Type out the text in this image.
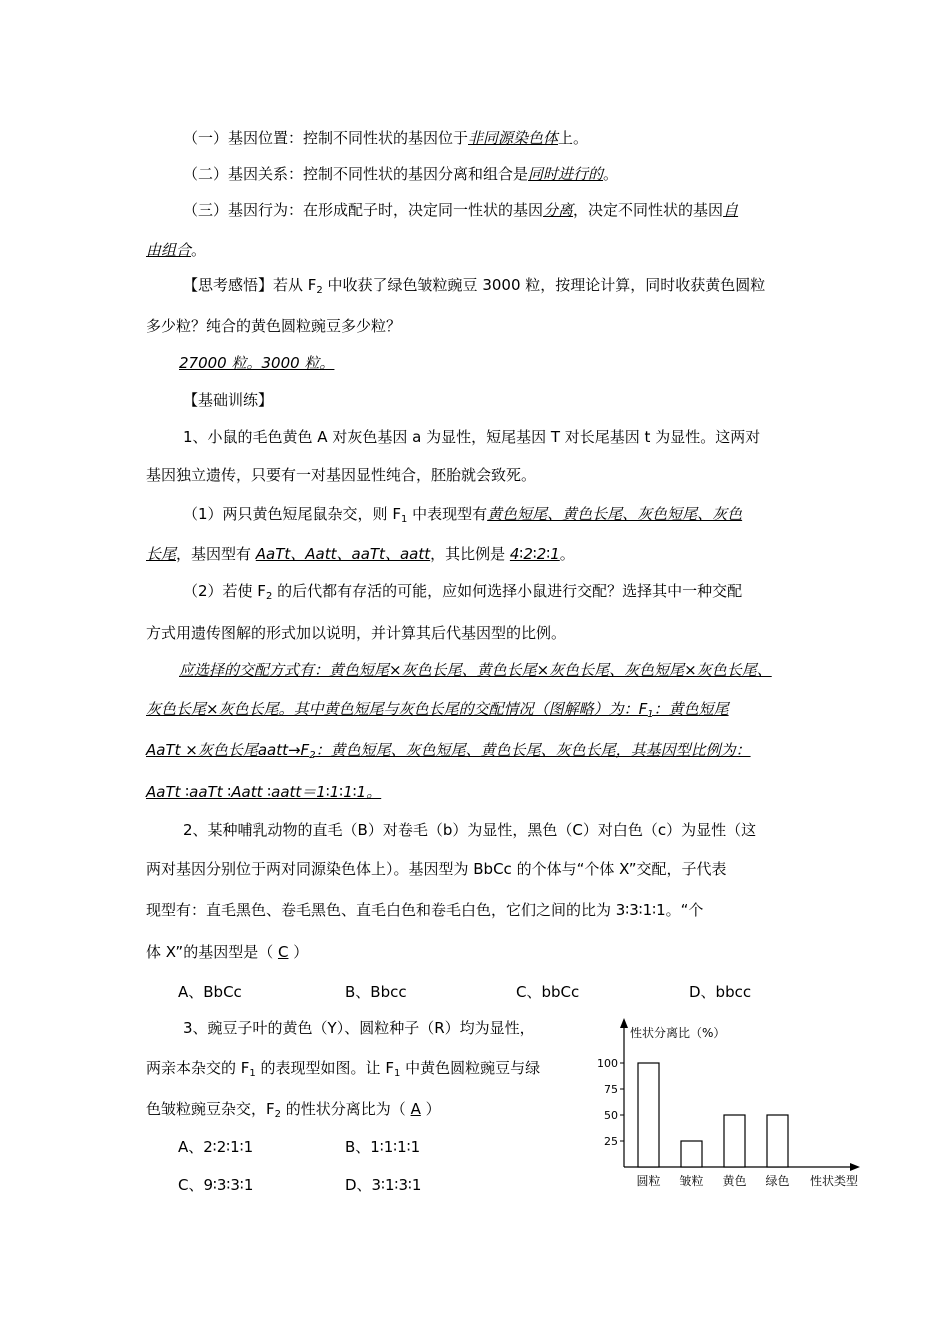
（一）基因位置：控制不同性状的基因位于非同源染色体上。
（二）基因关系：控制不同性状的基因分离和组合是同时进行的。
（三）基因行为：在形成配子时，决定同一性状的基因分离，决定不同性状的基因自
由组合。
【思考感悟】若从 $F_2$ 中收获了绿色皱粒豌豆 3000 粒，按理论计算，同时收获黄色圆粒
多少粒？纯合的黄色圆粒豌豆多少粒？
27000 粒。3000 粒。
【基础训练】
1、小鼠的毛色黄色 A 对灰色基因 a 为显性，短尾基因 T 对长尾基因 t 为显性。这两对
基因独立遗传，只要有一对基因显性纯合，胚胎就会致死。
（1）两只黄色短尾鼠杂交，则 $F_1$ 中表现型有黄色短尾、黄色长尾、灰色短尾、灰色
长尾，基因型有 AaTt、Aatt、aaTt、aatt，其比例是 4∶2∶2∶1。
（2）若使 $F_2$ 的后代都有存活的可能，应如何选择小鼠进行交配？选择其中一种交配
方式用遗传图解的形式加以说明，并计算其后代基因型的比例。
应选择的交配方式有：黄色短尾×灰色长尾、黄色长尾×灰色长尾、灰色短尾×灰色长尾、
灰色长尾×灰色长尾。其中黄色短尾与灰色长尾的交配情况（图解略）为：$F_1$：黄色短尾
AaTt ×灰色长尾$aatt\to F_2$：黄色短尾、灰色短尾、黄色长尾、灰色长尾，其基因型比例为：
AaTt ∶aaTt ∶Aatt ∶aatt＝1∶1∶1∶1。
2、某种哺乳动物的直毛（B）对卷毛（b）为显性，黑色（C）对白色（c）为显性（这
两对基因分别位于两对同源染色体上）。基因型为 BbCc 的个体与“个体 X”交配，子代表
现型有：直毛黑色、卷毛黑色、直毛白色和卷毛白色，它们之间的比为 3∶3∶1∶1。“个
体 X”的基因型是（ C ）
A、BbCc	B、Bbcc	C、bbCc	D、bbcc
3、豌豆子叶的黄色（Y）、圆粒种子（R）均为显性，
两亲本杂交的 $F_1$ 的表现型如图。让 $F_1$ 中黄色圆粒豌豆与绿
色皱粒豌豆杂交，$F_2$ 的性状分离比为（ A ）
A、2∶2∶1∶1	B、1∶1∶1∶1
C、9∶3∶3∶1	D、3∶1∶3∶1
性状分离比（%）
25
50
75
100
圆粒 皱粒 黄色 绿色 性状类型
